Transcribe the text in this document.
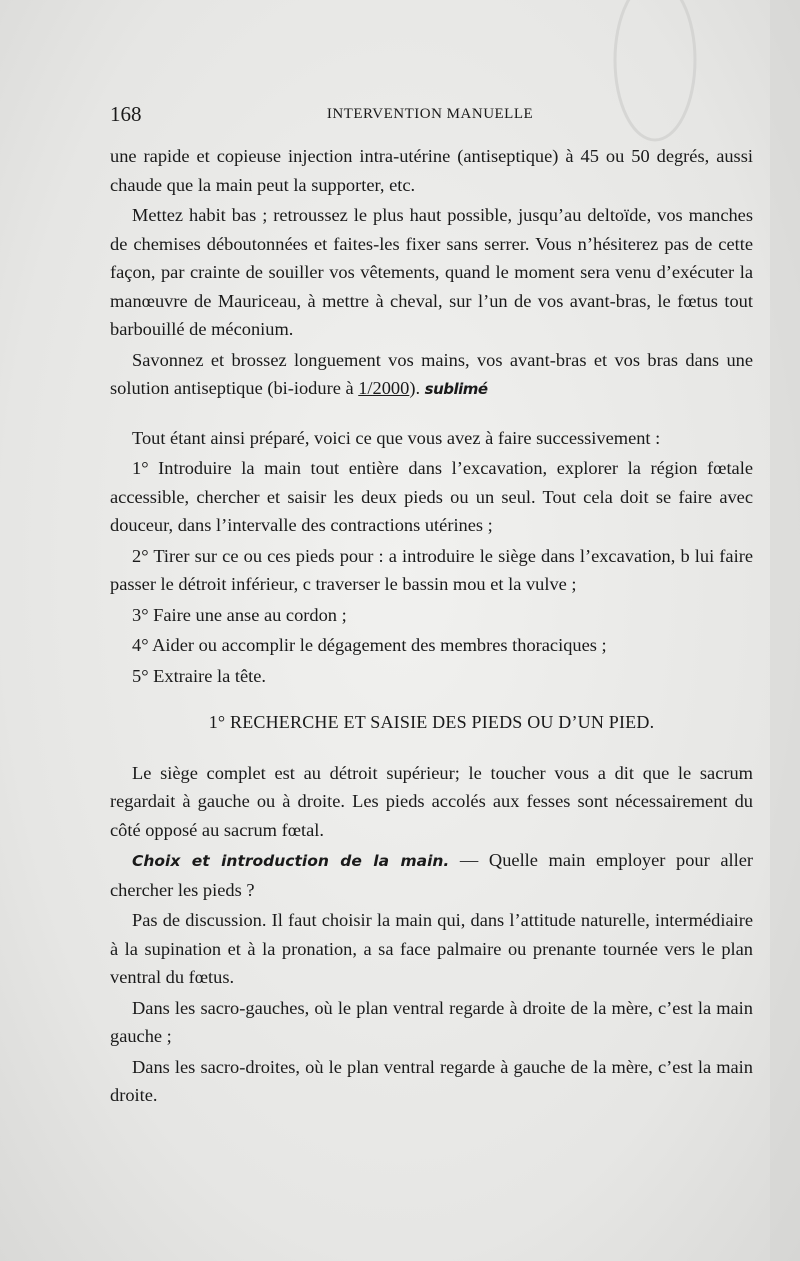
168	INTERVENTION MANUELLE

une rapide et copieuse injection intra-utérine (antiseptique) à 45 ou 50 degrés, aussi chaude que la main peut la supporter, etc.

Mettez habit bas ; retroussez le plus haut possible, jusqu’au deltoïde, vos manches de chemises déboutonnées et faites-les fixer sans serrer. Vous n’hésiterez pas de cette façon, par crainte de souiller vos vêtements, quand le moment sera venu d’exécuter la manœuvre de Mauriceau, à mettre à cheval, sur l’un de vos avant-bras, le fœtus tout barbouillé de méconium.

Savonnez et brossez longuement vos mains, vos avant-bras et vos bras dans une solution antiseptique (bi-iodure à 1/2000). sublimé

Tout étant ainsi préparé, voici ce que vous avez à faire successivement :

1° Introduire la main tout entière dans l’excavation, explorer la région fœtale accessible, chercher et saisir les deux pieds ou un seul. Tout cela doit se faire avec douceur, dans l’intervalle des contractions utérines ;

2° Tirer sur ce ou ces pieds pour : a introduire le siège dans l’excavation, b lui faire passer le détroit inférieur, c traverser le bassin mou et la vulve ;

3° Faire une anse au cordon ;

4° Aider ou accomplir le dégagement des membres thoraciques ;

5° Extraire la tête.

1° RECHERCHE ET SAISIE DES PIEDS OU D’UN PIED.

Le siège complet est au détroit supérieur; le toucher vous a dit que le sacrum regardait à gauche ou à droite. Les pieds accolés aux fesses sont nécessairement du côté opposé au sacrum fœtal.

Choix et introduction de la main. — Quelle main employer pour aller chercher les pieds ?

Pas de discussion. Il faut choisir la main qui, dans l’attitude naturelle, intermédiaire à la supination et à la pronation, a sa face palmaire ou prenante tournée vers le plan ventral du fœtus.

Dans les sacro-gauches, où le plan ventral regarde à droite de la mère, c’est la main gauche ;

Dans les sacro-droites, où le plan ventral regarde à gauche de la mère, c’est la main droite.
